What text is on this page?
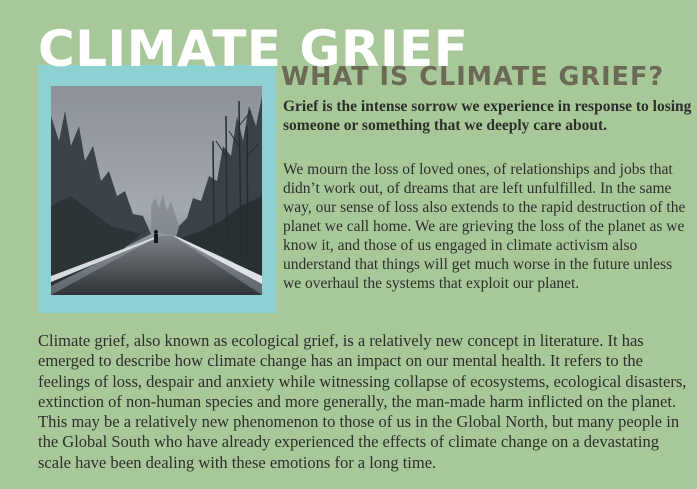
CLIMATE GRIEF
WHAT IS CLIMATE GRIEF?

Grief is the intense sorrow we experience in response to losing someone or something that we deeply care about.

We mourn the loss of loved ones, of relationships and jobs that didn’t work out, of dreams that are left unfulfilled. In the same way, our sense of loss also extends to the rapid destruction of the planet we call home. We are grieving the loss of the planet as we know it, and those of us engaged in climate activism also understand that things will get much worse in the future unless we overhaul the systems that exploit our planet.

Climate grief, also known as ecological grief, is a relatively new concept in literature. It has emerged to describe how climate change has an impact on our mental health. It refers to the feelings of loss, despair and anxiety while witnessing collapse of ecosystems, ecological disasters, extinction of non-human species and more generally, the man-made harm inflicted on the planet. This may be a relatively new phenomenon to those of us in the Global North, but many people in the Global South who have already experienced the effects of climate change on a devastating scale have been dealing with these emotions for a long time.
